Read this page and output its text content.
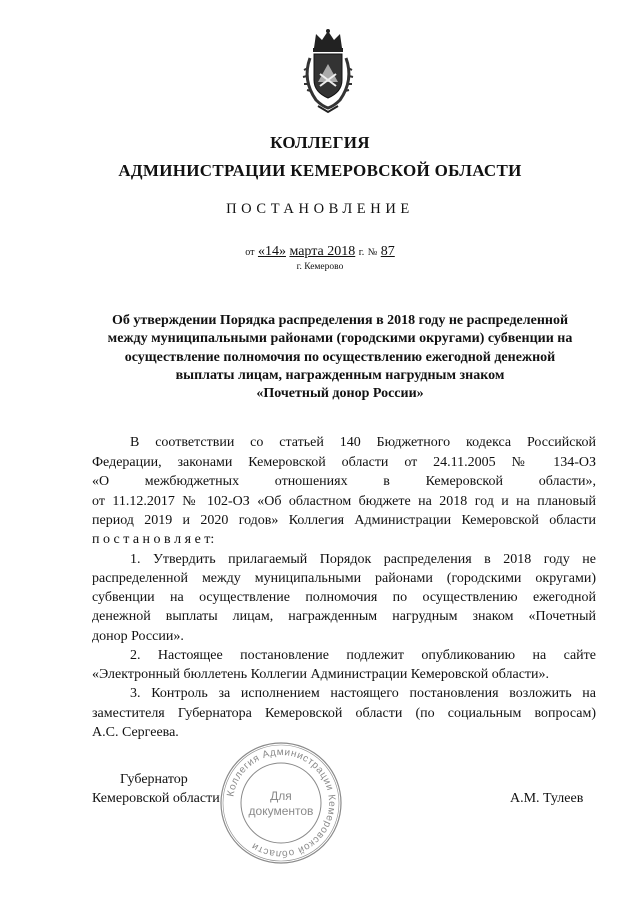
КОЛЛЕГИЯ
АДМИНИСТРАЦИИ КЕМЕРОВСКОЙ ОБЛАСТИ
ПОСТАНОВЛЕНИЕ
от «14» марта 2018 г. № 87
г. Кемерово
Об утверждении Порядка распределения в 2018 году не распределенной
между муниципальными районами (городскими округами) субвенции на
осуществление полномочия по осуществлению ежегодной денежной
выплаты лицам, награжденным нагрудным знаком
«Почетный донор России»
В соответствии со статьей 140 Бюджетного кодекса Российской
Федерации, законами Кемеровской области от 24.11.2005 № 134-ОЗ
«О межбюджетных отношениях в Кемеровской области»,
от 11.12.2017 № 102-ОЗ «Об областном бюджете на 2018 год и на плановый
период 2019 и 2020 годов» Коллегия Администрации Кемеровской области
п о с т а н о в л я е т:
1. Утвердить прилагаемый Порядок распределения в 2018 году не
распределенной между муниципальными районами (городскими округами)
субвенции на осуществление полномочия по осуществлению ежегодной
денежной выплаты лицам, награжденным нагрудным знаком «Почетный
донор России».
2. Настоящее постановление подлежит опубликованию на сайте
«Электронный бюллетень Коллегии Администрации Кемеровской области».
3. Контроль за исполнением настоящего постановления возложить на
заместителя Губернатора Кемеровской области (по социальным вопросам)
А.С. Сергеева.
Губернатор
Кемеровской области	А.М. Тулеев
Коллегия Администрации Кемеровской области
Для
документов
